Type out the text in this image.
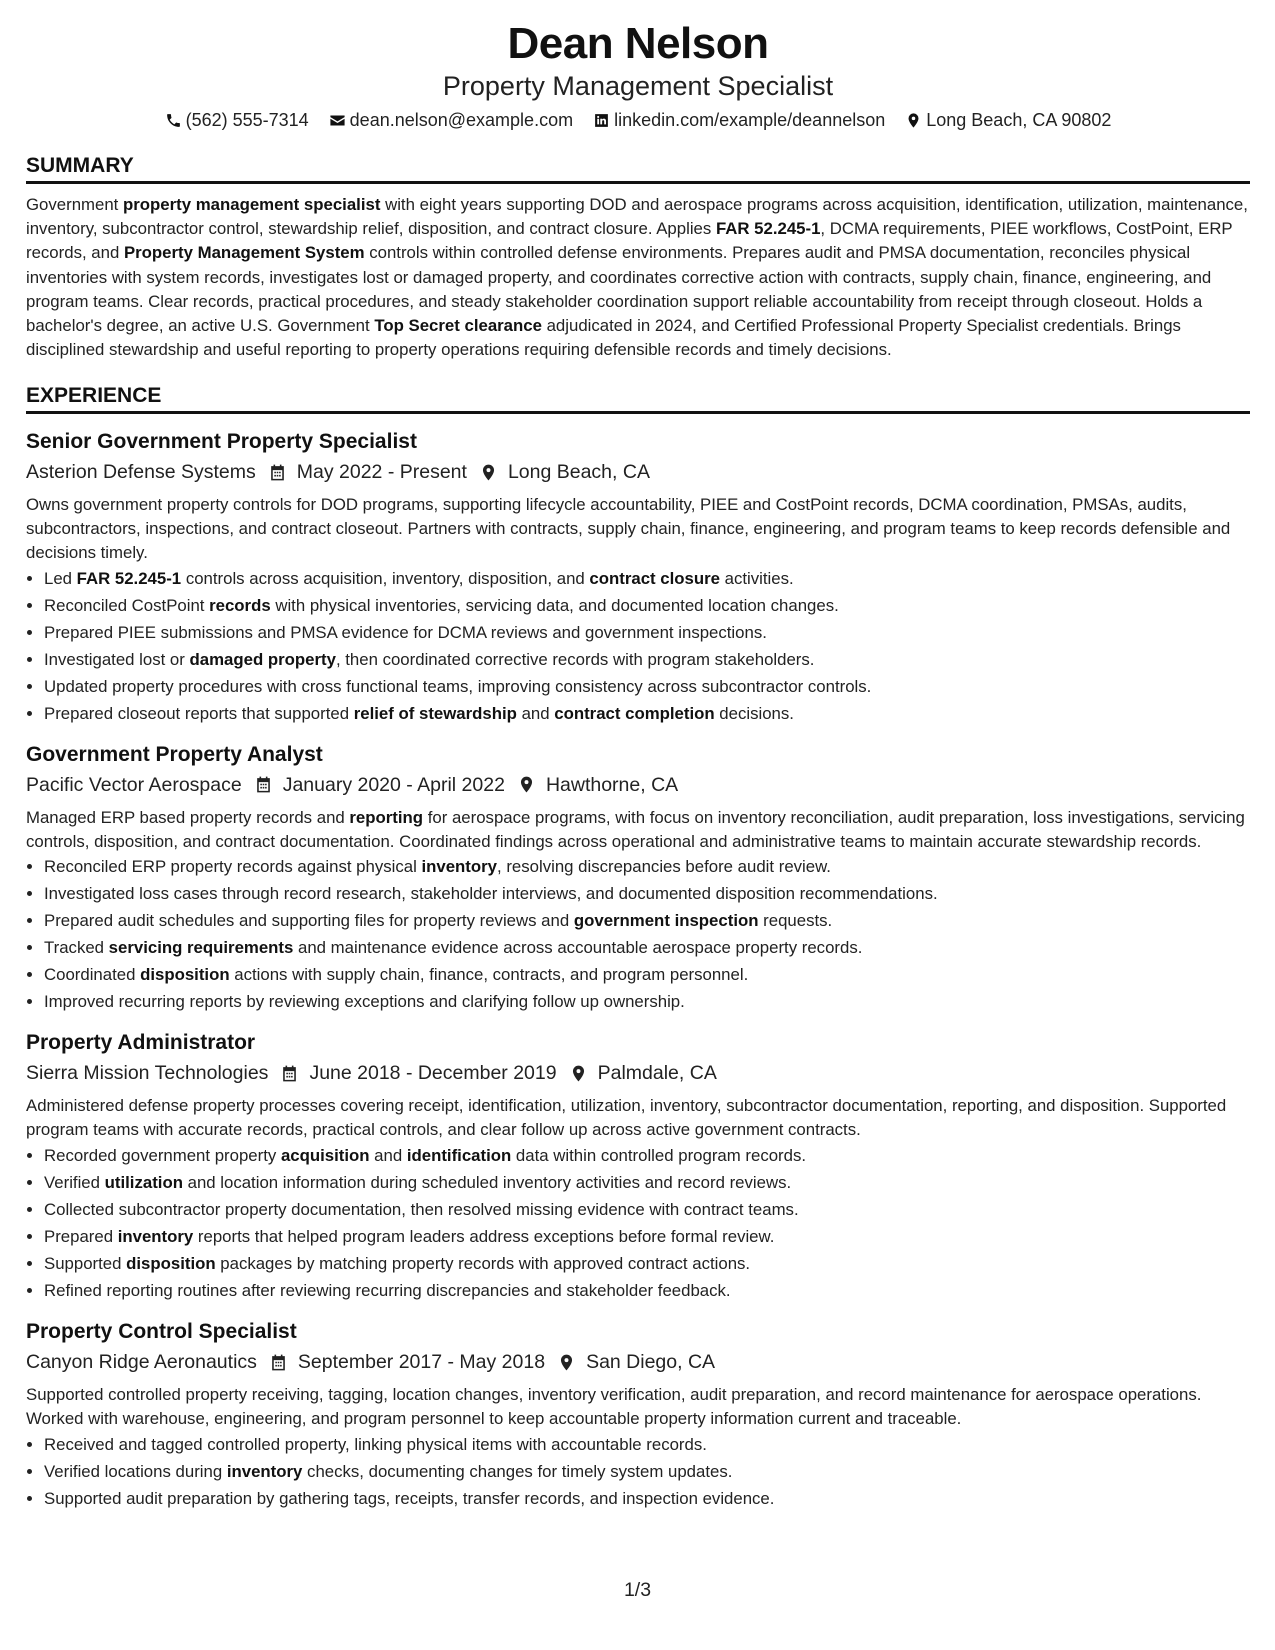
Dean Nelson
Property Management Specialist
(562) 555-7314 dean.nelson@example.com linkedin.com/example/deannelson Long Beach, CA 90802
SUMMARY
Government property management specialist with eight years supporting DOD and aerospace programs across acquisition, identification, utilization, maintenance, inventory, subcontractor control, stewardship relief, disposition, and contract closure. Applies FAR 52.245-1, DCMA requirements, PIEE workflows, CostPoint, ERP records, and Property Management System controls within controlled defense environments. Prepares audit and PMSA documentation, reconciles physical inventories with system records, investigates lost or damaged property, and coordinates corrective action with contracts, supply chain, finance, engineering, and program teams. Clear records, practical procedures, and steady stakeholder coordination support reliable accountability from receipt through closeout. Holds a bachelor's degree, an active U.S. Government Top Secret clearance adjudicated in 2024, and Certified Professional Property Specialist credentials. Brings disciplined stewardship and useful reporting to property operations requiring defensible records and timely decisions.
EXPERIENCE
Senior Government Property Specialist
Asterion Defense Systems May 2022 - Present Long Beach, CA
Owns government property controls for DOD programs, supporting lifecycle accountability, PIEE and CostPoint records, DCMA coordination, PMSAs, audits, subcontractors, inspections, and contract closeout. Partners with contracts, supply chain, finance, engineering, and program teams to keep records defensible and decisions timely.
• Led FAR 52.245-1 controls across acquisition, inventory, disposition, and contract closure activities.
• Reconciled CostPoint records with physical inventories, servicing data, and documented location changes.
• Prepared PIEE submissions and PMSA evidence for DCMA reviews and government inspections.
• Investigated lost or damaged property, then coordinated corrective records with program stakeholders.
• Updated property procedures with cross functional teams, improving consistency across subcontractor controls.
• Prepared closeout reports that supported relief of stewardship and contract completion decisions.
Government Property Analyst
Pacific Vector Aerospace January 2020 - April 2022 Hawthorne, CA
Managed ERP based property records and reporting for aerospace programs, with focus on inventory reconciliation, audit preparation, loss investigations, servicing controls, disposition, and contract documentation. Coordinated findings across operational and administrative teams to maintain accurate stewardship records.
• Reconciled ERP property records against physical inventory, resolving discrepancies before audit review.
• Investigated loss cases through record research, stakeholder interviews, and documented disposition recommendations.
• Prepared audit schedules and supporting files for property reviews and government inspection requests.
• Tracked servicing requirements and maintenance evidence across accountable aerospace property records.
• Coordinated disposition actions with supply chain, finance, contracts, and program personnel.
• Improved recurring reports by reviewing exceptions and clarifying follow up ownership.
Property Administrator
Sierra Mission Technologies June 2018 - December 2019 Palmdale, CA
Administered defense property processes covering receipt, identification, utilization, inventory, subcontractor documentation, reporting, and disposition. Supported program teams with accurate records, practical controls, and clear follow up across active government contracts.
• Recorded government property acquisition and identification data within controlled program records.
• Verified utilization and location information during scheduled inventory activities and record reviews.
• Collected subcontractor property documentation, then resolved missing evidence with contract teams.
• Prepared inventory reports that helped program leaders address exceptions before formal review.
• Supported disposition packages by matching property records with approved contract actions.
• Refined reporting routines after reviewing recurring discrepancies and stakeholder feedback.
Property Control Specialist
Canyon Ridge Aeronautics September 2017 - May 2018 San Diego, CA
Supported controlled property receiving, tagging, location changes, inventory verification, audit preparation, and record maintenance for aerospace operations. Worked with warehouse, engineering, and program personnel to keep accountable property information current and traceable.
• Received and tagged controlled property, linking physical items with accountable records.
• Verified locations during inventory checks, documenting changes for timely system updates.
• Supported audit preparation by gathering tags, receipts, transfer records, and inspection evidence.
1/3
